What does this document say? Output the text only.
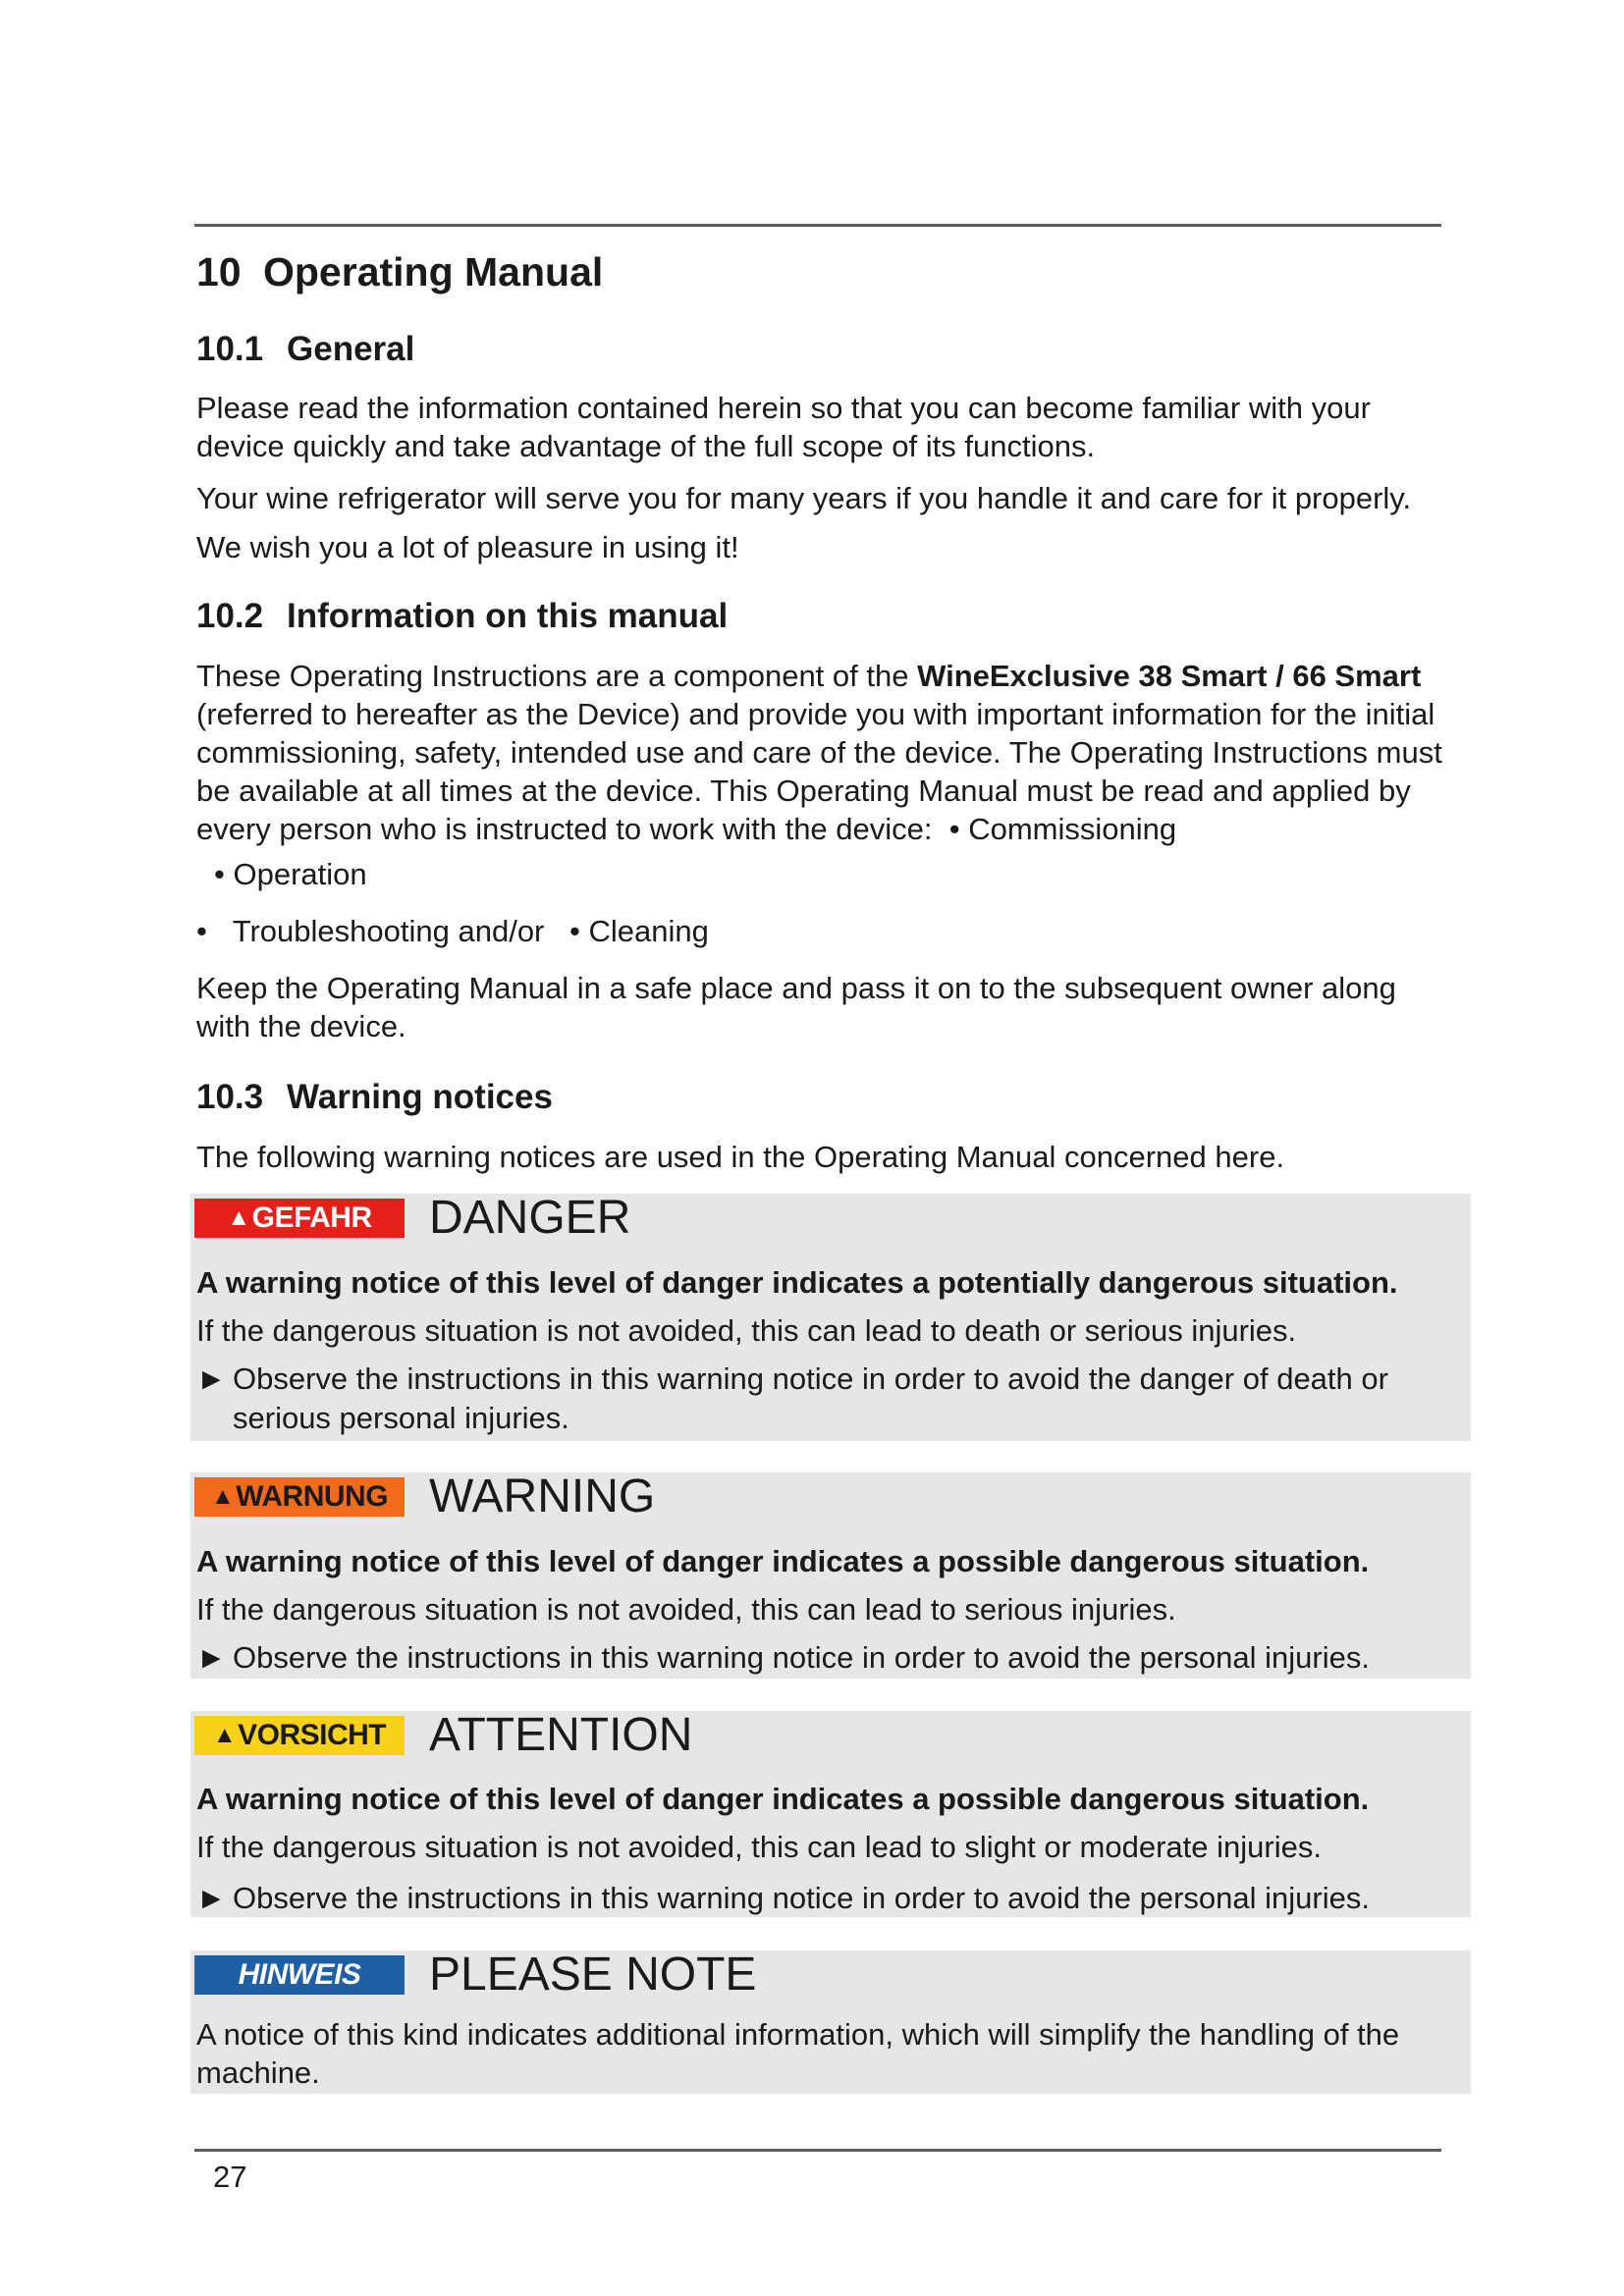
10 Operating Manual
10.1 General
Please read the information contained herein so that you can become familiar with your device quickly and take advantage of the full scope of its functions.
Your wine refrigerator will serve you for many years if you handle it and care for it properly.
We wish you a lot of pleasure in using it!
10.2 Information on this manual
These Operating Instructions are a component of the WineExclusive 38 Smart / 66 Smart (referred to hereafter as the Device) and provide you with important information for the initial commissioning, safety, intended use and care of the device. The Operating Instructions must be available at all times at the device. This Operating Manual must be read and applied by every person who is instructed to work with the device: • Commissioning
• Operation
• Troubleshooting and/or • Cleaning
Keep the Operating Manual in a safe place and pass it on to the subsequent owner along with the device.
10.3 Warning notices
The following warning notices are used in the Operating Manual concerned here.
▲GEFAHR	DANGER
A warning notice of this level of danger indicates a potentially dangerous situation.
If the dangerous situation is not avoided, this can lead to death or serious injuries.
► Observe the instructions in this warning notice in order to avoid the danger of death or serious personal injuries.
▲WARNUNG WARNING
A warning notice of this level of danger indicates a possible dangerous situation.
If the dangerous situation is not avoided, this can lead to serious injuries.
► Observe the instructions in this warning notice in order to avoid the personal injuries.
▲VORSICHT ATTENTION
A warning notice of this level of danger indicates a possible dangerous situation.
If the dangerous situation is not avoided, this can lead to slight or moderate injuries.
► Observe the instructions in this warning notice in order to avoid the personal injuries.
HINWEIS	PLEASE NOTE
A notice of this kind indicates additional information, which will simplify the handling of the machine.
27
